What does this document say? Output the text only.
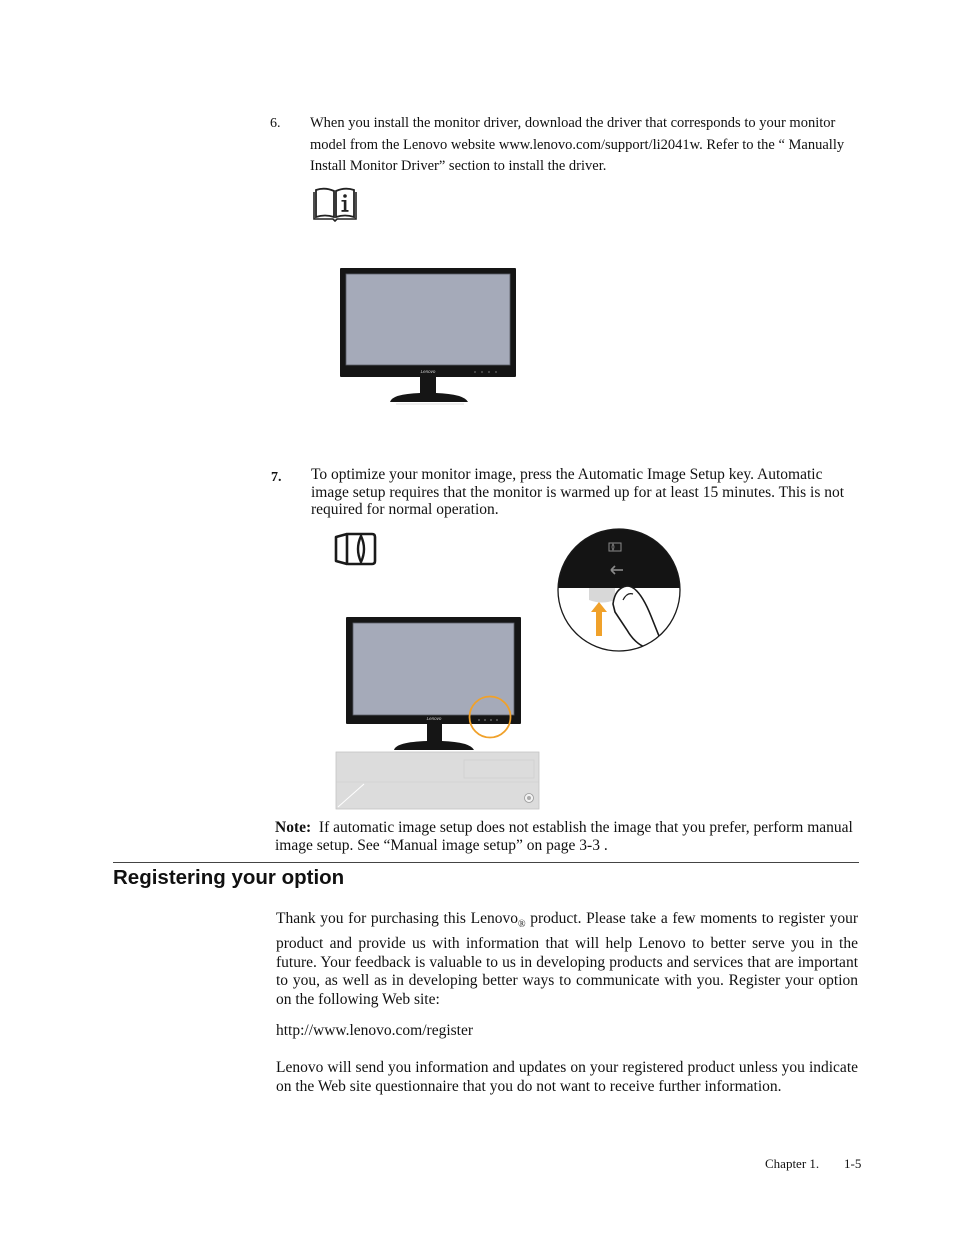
6. When you install the monitor driver, download the driver that corresponds to your monitor model from the Lenovo website www.lenovo.com/support/li2041w. Refer to the “ Manually Install Monitor Driver” section to install the driver.
Lenovo
7. To optimize your monitor image, press the Automatic Image Setup key. Automatic image setup requires that the monitor is warmed up for at least 15 minutes. This is not required for normal operation.
Lenovo
Note: If automatic image setup does not establish the image that you prefer, perform manual image setup. See “Manual image setup” on page 3-3 .
Registering your option
Thank you for purchasing this Lenovo$_®$ product. Please take a few moments to register your product and provide us with information that will help Lenovo to better serve you in the future. Your feedback is valuable to us in developing products and services that are important to you, as well as in developing better ways to communicate with you. Register your option on the following Web site:
http://www.lenovo.com/register
Lenovo will send you information and updates on your registered product unless you indicate on the Web site questionnaire that you do not want to receive further information.
Chapter 1. 1-5
